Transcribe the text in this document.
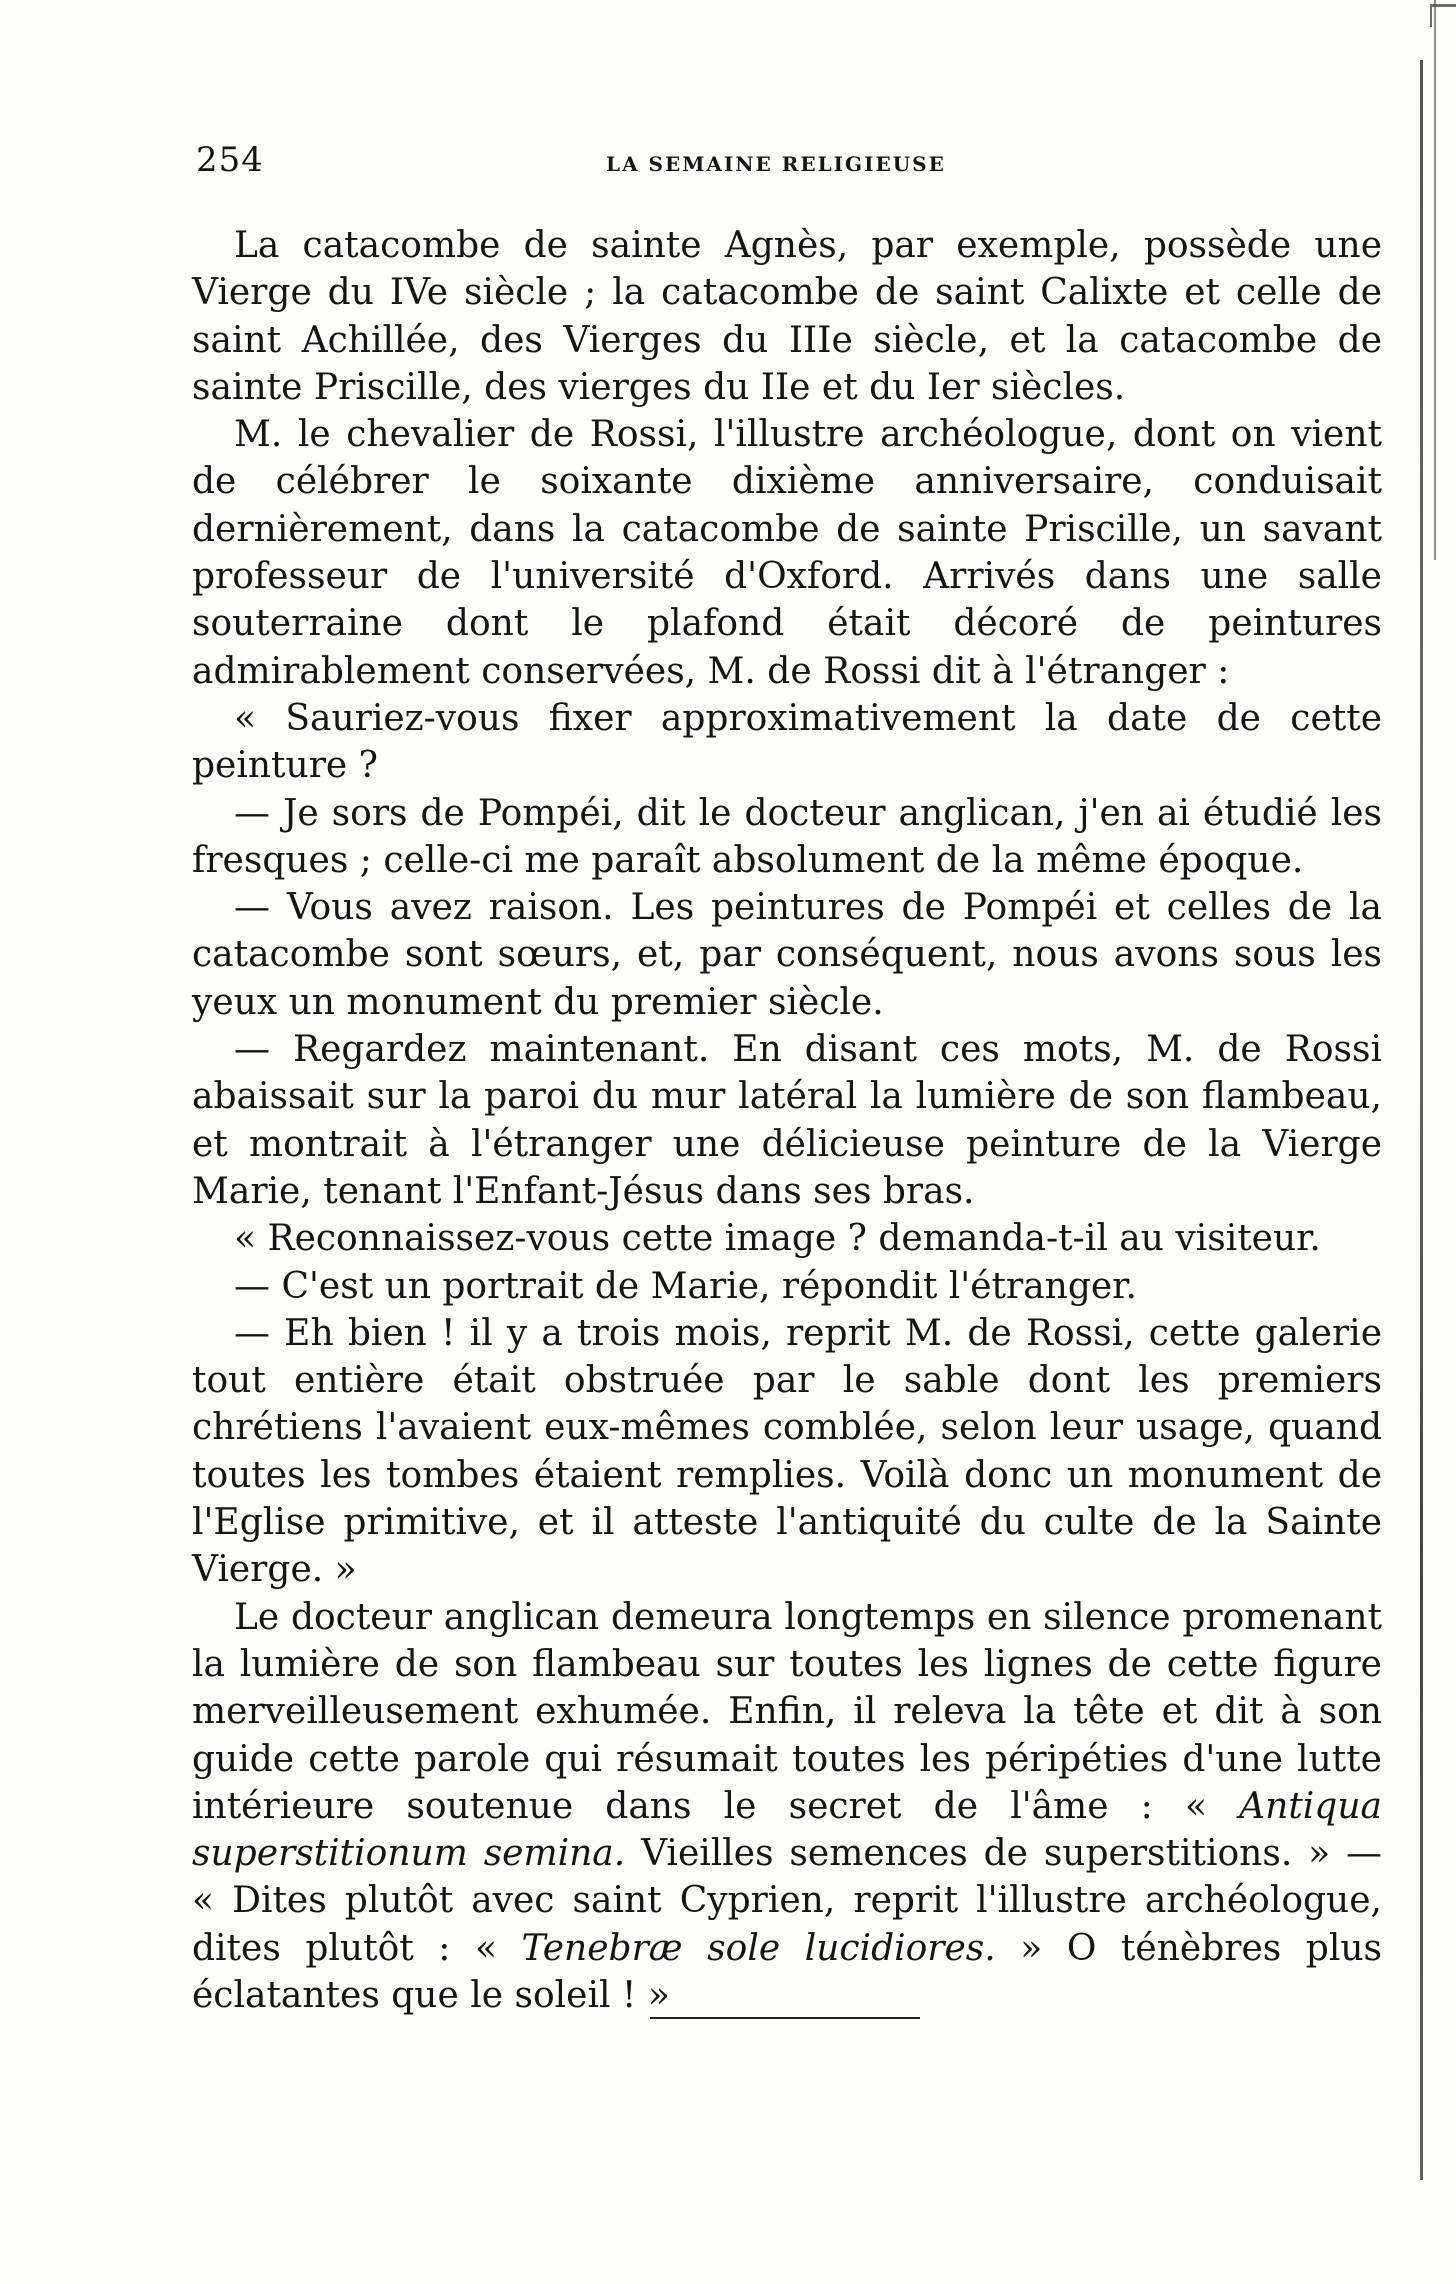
254	LA SEMAINE RELIGIEUSE

La catacombe de sainte Agnès, par exemple, possède une Vierge du IVe siècle ; la catacombe de saint Calixte et celle de saint Achillée, des Vierges du IIIe siècle, et la catacombe de sainte Priscille, des vierges du IIe et du Ier siècles.

M. le chevalier de Rossi, l'illustre archéologue, dont on vient de célébrer le soixante dixième anniversaire, conduisait dernièrement, dans la catacombe de sainte Priscille, un savant professeur de l'université d'Oxford. Arrivés dans une salle souterraine dont le plafond était décoré de peintures admirablement conservées, M. de Rossi dit à l'étranger :

« Sauriez-vous fixer approximativement la date de cette peinture ?

— Je sors de Pompéi, dit le docteur anglican, j'en ai étudié les fresques ; celle-ci me paraît absolument de la même époque.

— Vous avez raison. Les peintures de Pompéi et celles de la catacombe sont sœurs, et, par conséquent, nous avons sous les yeux un monument du premier siècle.

— Regardez maintenant. En disant ces mots, M. de Rossi abaissait sur la paroi du mur latéral la lumière de son flambeau, et montrait à l'étranger une délicieuse peinture de la Vierge Marie, tenant l'Enfant-Jésus dans ses bras.

« Reconnaissez-vous cette image ? demanda-t-il au visiteur.

— C'est un portrait de Marie, répondit l'étranger.

— Eh bien ! il y a trois mois, reprit M. de Rossi, cette galerie tout entière était obstruée par le sable dont les premiers chrétiens l'avaient eux-mêmes comblée, selon leur usage, quand toutes les tombes étaient remplies. Voilà donc un monument de l'Eglise primitive, et il atteste l'antiquité du culte de la Sainte Vierge. »

Le docteur anglican demeura longtemps en silence promenant la lumière de son flambeau sur toutes les lignes de cette figure merveilleusement exhumée. Enfin, il releva la tête et dit à son guide cette parole qui résumait toutes les péripéties d'une lutte intérieure soutenue dans le secret de l'âme : « Antiqua superstitionum semina. Vieilles semences de superstitions. » — « Dites plutôt avec saint Cyprien, reprit l'illustre archéologue, dites plutôt : « Tenebræ sole lucidiores. » O ténèbres plus éclatantes que le soleil ! »
